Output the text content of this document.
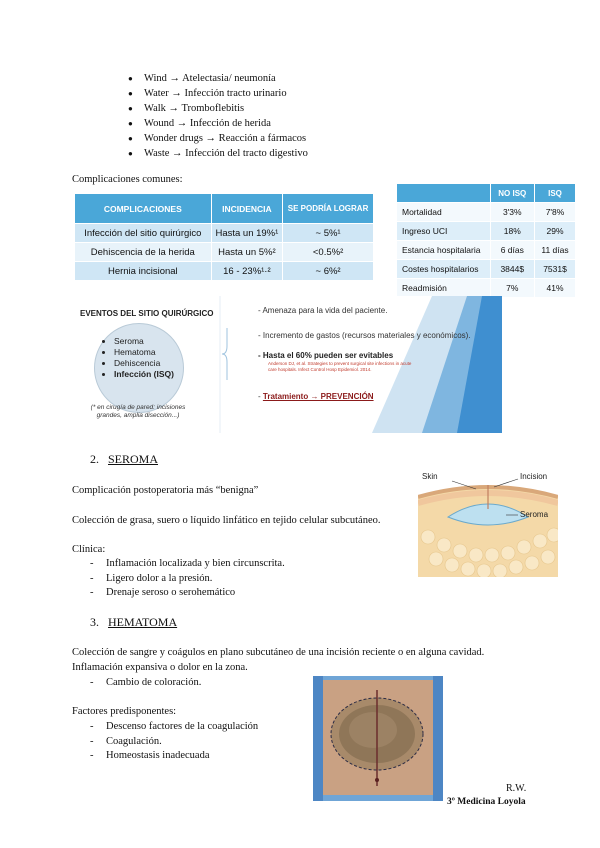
● Wind → Atelectasia/ neumonía
● Water → Infección tracto urinario
● Walk → Tromboflebitis
● Wound → Infección de herida
● Wonder drugs → Reacción a fármacos
● Waste → Infección del tracto digestivo
Complicaciones comunes:
COMPLICACIONES	INCIDENCIA	SE PODRÍA LOGRAR
Infección del sitio quirúrgico	Hasta un 19%¹	~ 5%¹
Dehiscencia de la herida	Hasta un 5%²	<0.5%²
Hernia incisional	16 - 23%¹·²	~ 6%²
	NO ISQ	ISQ
Mortalidad	3'3%	7'8%
Ingreso UCI	18%	29%
Estancia hospitalaria	6 días	11 días
Costes hospitalarios	3844$	7531$
Readmisión	7%	41%
EVENTOS DEL SITIO QUIRÚRGICO
• Seroma
• Hematoma
• Dehiscencia
• Infección (ISQ)
(* en cirugía de pared: incisiones grandes, amplia disección...)
- Amenaza para la vida del paciente.
- Incremento de gastos (recursos materiales y económicos).
- Hasta el 60% pueden ser evitables
Anderson DJ, et al. Strategies to prevent surgical site infections in acute care hospitals. Infect Control Hosp Epidemiol. 2014.
- Tratamiento → PREVENCIÓN
2. SEROMA
Complicación postoperatoria más “benigna”
Colección de grasa, suero o líquido linfático en tejido celular subcutáneo.
Clínica:
- Inflamación localizada y bien circunscrita.
- Ligero dolor a la presión.
- Drenaje seroso o serohemático
Skin	Incision
Seroma
3. HEMATOMA
Colección de sangre y coágulos en plano subcutáneo de una incisión reciente o en alguna cavidad.
Inflamación expansiva o dolor en la zona.
- Cambio de coloración.
Factores predisponentes:
- Descenso factores de la coagulación
- Coagulación.
- Homeostasis inadecuada
R.W.
3º Medicina Loyola
